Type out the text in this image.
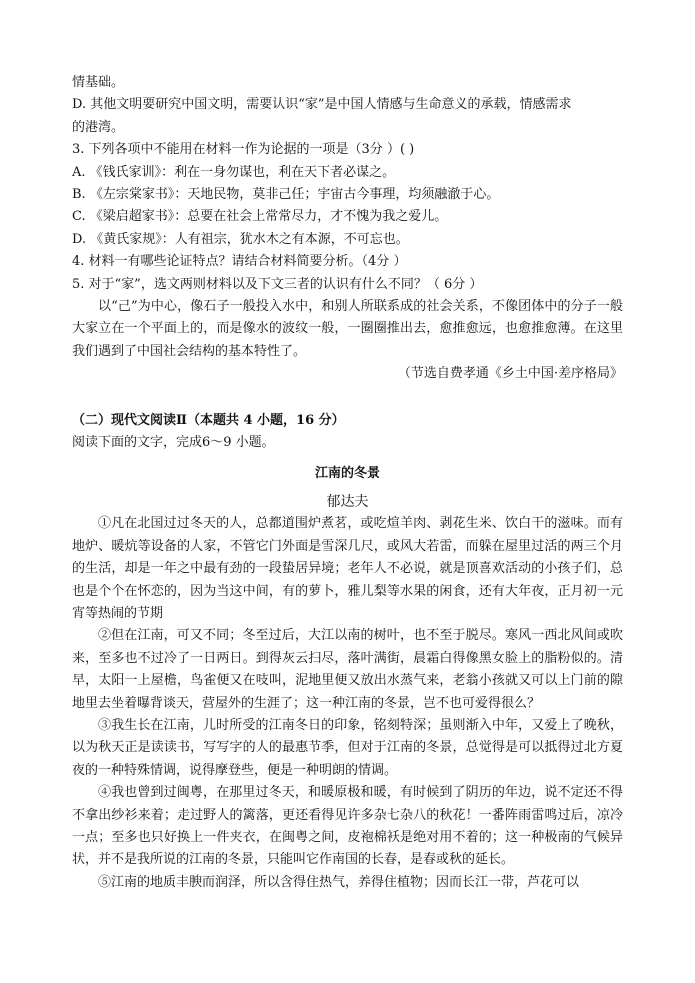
情基础。
D. 其他文明要研究中国文明，需要认识“家”是中国人情感与生命意义的承载，情感需求
的港湾。
3. 下列各项中不能用在材料一作为论据的一项是（3分 ）( )
A. 《钱氏家训》：利在一身勿谋也，利在天下者必谋之。
B. 《左宗棠家书》：天地民物，莫非己任；宇宙古今事理，均须融澈于心。
C. 《梁启超家书》：总要在社会上常常尽力，才不愧为我之爱儿。
D. 《黄氏家规》：人有祖宗，犹水木之有本源，不可忘也。
4. 材料一有哪些论证特点？请结合材料简要分析。（4分 ）
5. 对于“家”，选文两则材料以及下文三者的认识有什么不同？（ 6分 ）
以“己”为中心，像石子一般投入水中，和别人所联系成的社会关系，不像团体中的分子一般大家立在一个平面上的，而是像水的波纹一般，一圈圈推出去，愈推愈远，也愈推愈薄。在这里我们遇到了中国社会结构的基本特性了。
（节选自费孝通《乡土中国·差序格局》
（二）现代文阅读Ⅱ（本题共 4 小题，16 分）
阅读下面的文字，完成6～9 小题。
江南的冬景
郁达夫
①凡在北国过过冬天的人，总都道围炉煮茗，或吃煊羊肉、剥花生米、饮白干的滋味。而有地炉、暖炕等设备的人家，不管它门外面是雪深几尺，或风大若雷，而躲在屋里过活的两三个月的生活，却是一年之中最有劲的一段蛰居异境；老年人不必说，就是顶喜欢活动的小孩子们，总也是个个在怀恋的，因为当这中间，有的萝卜，雅儿梨等水果的闲食，还有大年夜，正月初一元宵等热闹的节期
②但在江南，可又不同；冬至过后，大江以南的树叶，也不至于脱尽。寒风一西北风间或吹来，至多也不过冷了一日两日。到得灰云扫尽，落叶满街，晨霜白得像黑女脸上的脂粉似的。清早，太阳一上屋檐，鸟雀便又在吱叫，泥地里便又放出水蒸气来，老翁小孩就又可以上门前的隙地里去坐着曝背谈天，营屋外的生涯了；这一种江南的冬景，岂不也可爱得很么？
③我生长在江南，儿时所受的江南冬日的印象，铭刻特深；虽则渐入中年，又爱上了晚秋，以为秋天正是读读书，写写字的人的最惠节季，但对于江南的冬景，总觉得是可以抵得过北方夏夜的一种特殊情调，说得摩登些，便是一种明朗的情调。
④我也曾到过闽粤，在那里过冬天，和暖原极和暖，有时候到了阴历的年边，说不定还不得不拿出纱衫来着；走过野人的篱落，更还看得见许多杂七杂八的秋花！一番阵雨雷鸣过后，凉冷一点；至多也只好换上一件夹衣，在闽粤之间，皮袍棉袄是绝对用不着的；这一种极南的气候异状，并不是我所说的江南的冬景，只能叫它作南国的长春，是春或秋的延长。
⑤江南的地质丰腴而润泽，所以含得住热气，养得住植物；因而长江一带，芦花可以
